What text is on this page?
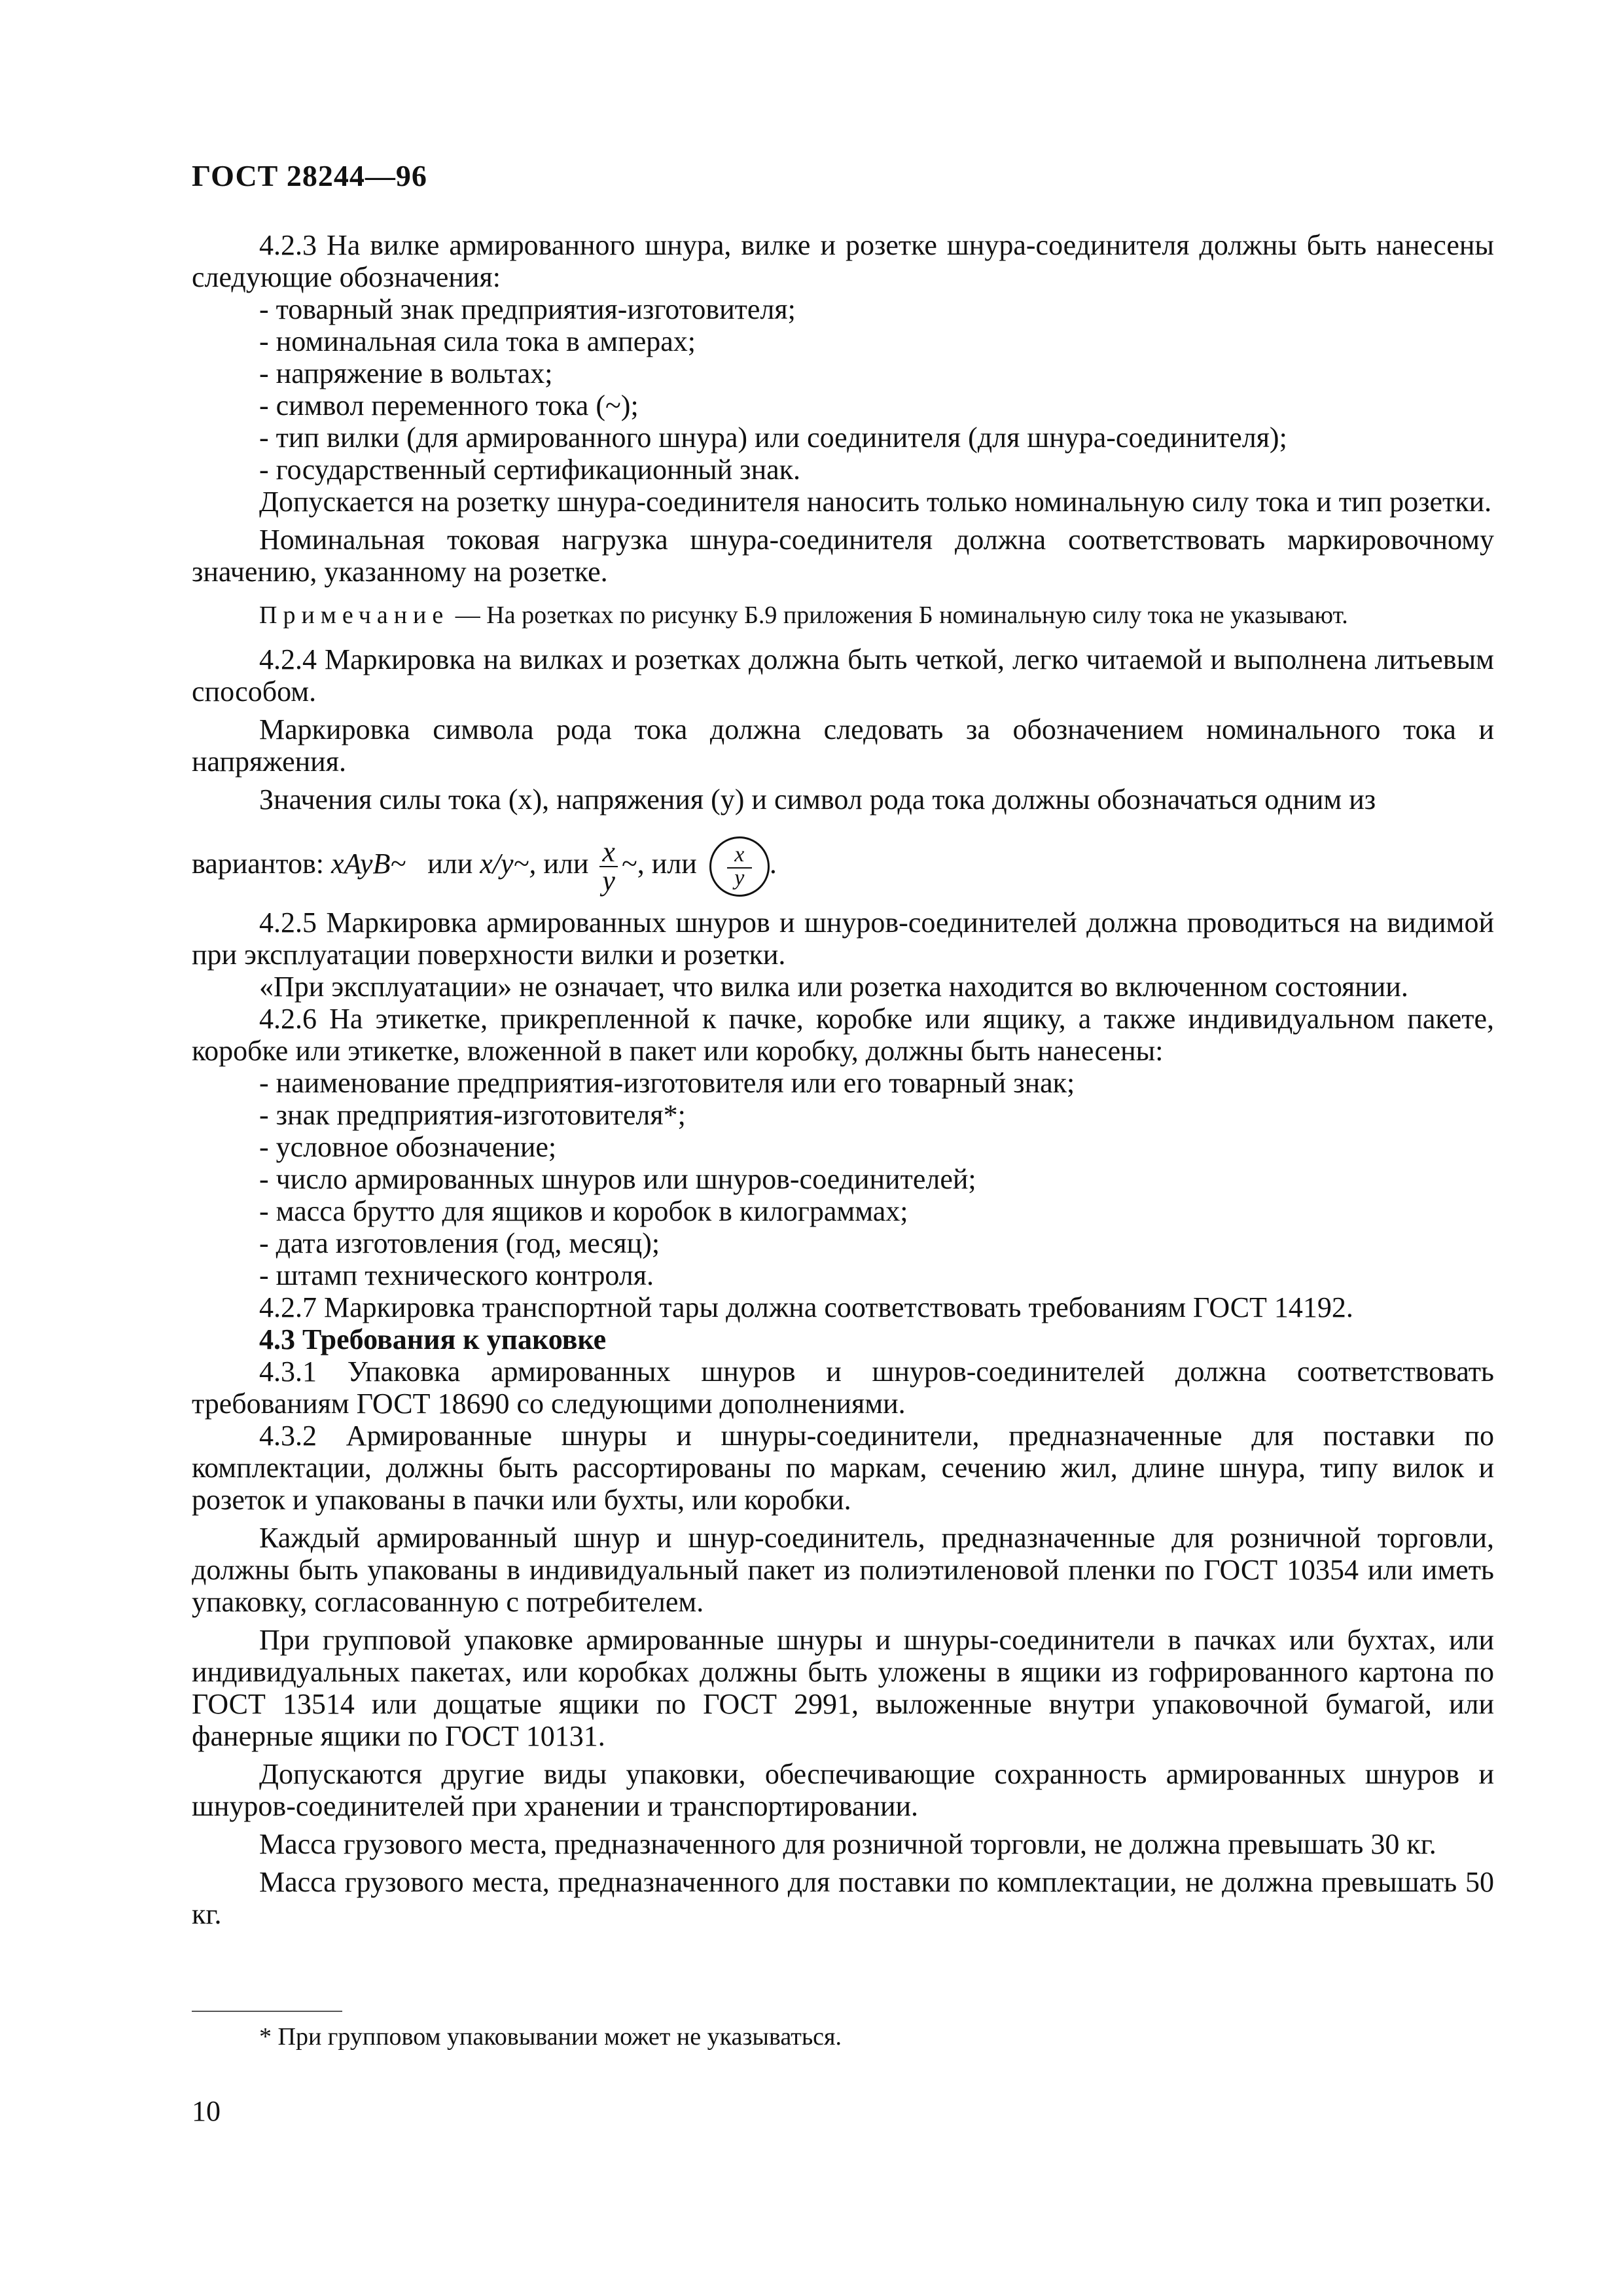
ГОСТ 28244—96

4.2.3 На вилке армированного шнура, вилке и розетке шнура-соединителя должны быть нанесены следующие обозначения:

- товарный знак предприятия-изготовителя;

- номинальная сила тока в амперах;

- напряжение в вольтах;

- символ переменного тока (~);

- тип вилки (для армированного шнура) или соединителя (для шнура-соединителя);

- государственный сертификационный знак.

Допускается на розетку шнура-соединителя наносить только номинальную силу тока и тип розетки.

Номинальная токовая нагрузка шнура-соединителя должна соответствовать маркировочному значению, указанному на розетке.

Примечание — На розетках по рисунку Б.9 приложения Б номинальную силу тока не указывают.

4.2.4 Маркировка на вилках и розетках должна быть четкой, легко читаемой и выполнена литьевым способом.

Маркировка символа рода тока должна следовать за обозначением номинального тока и напряжения.

Значения силы тока (x), напряжения (y) и символ рода тока должны обозначаться одним из

вариантов: xAyB~ или x/y~, или $\frac{x}{y}$ ~, или $\frac{x}{y}$ .

4.2.5 Маркировка армированных шнуров и шнуров-соединителей должна проводиться на видимой при эксплуатации поверхности вилки и розетки.

«При эксплуатации» не означает, что вилка или розетка находится во включенном состоянии.

4.2.6 На этикетке, прикрепленной к пачке, коробке или ящику, а также индивидуальном пакете, коробке или этикетке, вложенной в пакет или коробку, должны быть нанесены:

- наименование предприятия-изготовителя или его товарный знак;

- знак предприятия-изготовителя*;

- условное обозначение;

- число армированных шнуров или шнуров-соединителей;

- масса брутто для ящиков и коробок в килограммах;

- дата изготовления (год, месяц);

- штамп технического контроля.

4.2.7 Маркировка транспортной тары должна соответствовать требованиям ГОСТ 14192.

4.3 Требования к упаковке

4.3.1 Упаковка армированных шнуров и шнуров-соединителей должна соответствовать требованиям ГОСТ 18690 со следующими дополнениями.

4.3.2 Армированные шнуры и шнуры-соединители, предназначенные для поставки по комплектации, должны быть рассортированы по маркам, сечению жил, длине шнура, типу вилок и розеток и упакованы в пачки или бухты, или коробки.

Каждый армированный шнур и шнур-соединитель, предназначенные для розничной торговли, должны быть упакованы в индивидуальный пакет из полиэтиленовой пленки по ГОСТ 10354 или иметь упаковку, согласованную с потребителем.

При групповой упаковке армированные шнуры и шнуры-соединители в пачках или бухтах, или индивидуальных пакетах, или коробках должны быть уложены в ящики из гофрированного картона по ГОСТ 13514 или дощатые ящики по ГОСТ 2991, выложенные внутри упаковочной бумагой, или фанерные ящики по ГОСТ 10131.

Допускаются другие виды упаковки, обеспечивающие сохранность армированных шнуров и шнуров-соединителей при хранении и транспортировании.

Масса грузового места, предназначенного для розничной торговли, не должна превышать 30 кг.

Масса грузового места, предназначенного для поставки по комплектации, не должна превышать 50 кг.

* При групповом упаковывании может не указываться.
10
